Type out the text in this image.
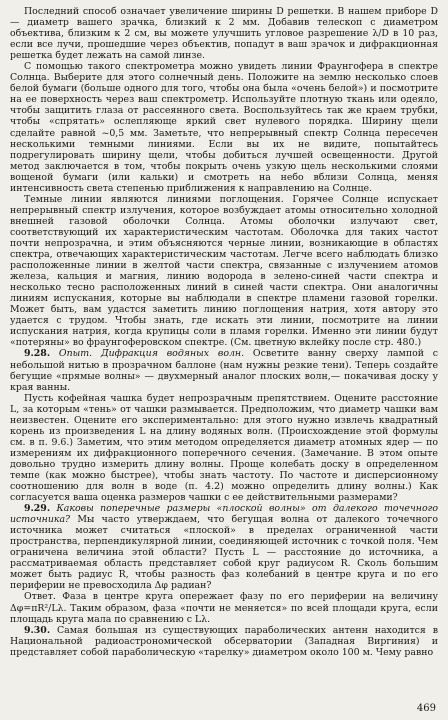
Последний способ означает увеличение ширины D решетки. В нашем приборе D— диаметр вашего зрачка, близкий к 2 мм. Добавив телескоп с диаметром объектива, близким к 2 см, вы можете улучшить угловое разрешение λ/D в 10 раз, если все лучи, прошедшие через объектив, попадут в ваш зрачок и дифракционная решетка будет лежать на самой линзе.

С помощью такого спектрометра можно увидеть линии Фраунгофера в спектре Солнца. Выберите для этого солнечный день. Положите на землю несколько слоев белой бумаги (больше одного для того, чтобы она была «очень белой») и посмотрите на ее поверхность через ваш спектрометр. Используйте плотную ткань или одеяло, чтобы защитить глаза от рассеянного света. Воспользуйтесь так же краем трубки, чтобы «спрятать» ослепляюще яркий свет нулевого порядка. Ширину щели сделайте равной ~0,5 мм. Заметьте, что непрерывный спектр Солнца пересечен несколькими темными линиями. Если вы их не видите, попытайтесь подрегулировать ширину щели, чтобы добиться лучшей освещенности. Другой метод заключается в том, чтобы покрыть очень узкую щель несколькими слоями вощеной бумаги (или кальки) и смотреть на небо вблизи Солнца, меняя интенсивность света степенью приближения к направлению на Солнце.

Темные линии являются линиями поглощения. Горячее Солнце испускает непрерывный спектр излучения, которое возбуждает атомы относительно холодной внешней газовой оболочки Солнца. Атомы оболочки излучают свет, соответствующий их характеристическим частотам. Оболочка для таких частот почти непрозрачна, и этим объясняются черные линии, возникающие в областях спектра, отвечающих характеристическим частотам. Легче всего наблюдать близко расположенные линии в желтой части спектра, связанные с излучением атомов железа, кальция и магния, линию водорода в зелено-синей части спектра и несколько тесно расположенных линий в синей части спектра. Они аналогичны линиям испускания, которые вы наблюдали в спектре пламени газовой горелки. Может быть, вам удастся заметить линию поглощения натрия, хотя автору это удается с трудом. Чтобы знать, где искать эти линии, посмотрите на линии испускания натрия, когда крупицы соли в пламя горелки. Именно эти линии будут «потеряны» во фраунгоферовском спектре. (См. цветную вклейку после стр. 480.)

9.28. Опыт. Дифракция водяных волн. Осветите ванну сверху лампой с небольшой нитью в прозрачном баллоне (нам нужны резкие тени). Теперь создайте бегущие «прямые волны» — двухмерный аналог плоских волн,— покачивая доску у края ванны.

Пусть кофейная чашка будет непрозрачным препятствием. Оцените расстояние L, за которым «тень» от чашки размывается. Предположим, что диаметр чашки вам неизвестен. Оцените его экспериментально: для этого нужно извлечь квадратный корень из произведения L на длину водяных волн. (Происхождение этой формулы см. в п. 9.6.) Заметим, что этим методом определяется диаметр атомных ядер — по измерениям их дифракционного поперечного сечения. (Замечание. В этом опыте довольно трудно измерить длину волны. Проще колебать доску в определенном темпе (как можно быстрее), чтобы знать частоту. По частоте и дисперсионному соотношению для волн в воде (п. 4.2) можно определить длину волны.) Как согласуется ваша оценка размеров чашки с ее действительными размерами?

9.29. Каковы поперечные размеры «плоской волны» от далекого точечного источника? Мы часто утверждаем, что бегущая волна от далекого точечного источника может считаться «плоской» в пределах ограниченной части пространства, перпендикулярной линии, соединяющей источник с точкой поля. Чем ограничена величина этой области? Пусть L — расстояние до источника, а рассматриваемая область представляет собой круг радиусом R. Сколь большим может быть радиус R, чтобы разность фаз колебаний в центре круга и по его периферии не превосходила Δφ радиан?

Ответ. Фаза в центре круга опережает фазу по его периферии на величину Δφ=πR²/Lλ. Таким образом, фаза «почти не меняется» по всей площади круга, если площадь круга мала по сравнению с Lλ.

9.30. Самая большая из существующих параболических антенн находится в Национальной радиоастрономической обсерватории (Западная Виргиния) и представляет собой параболическую «тарелку» диаметром около 100 м. Чему равно

469
